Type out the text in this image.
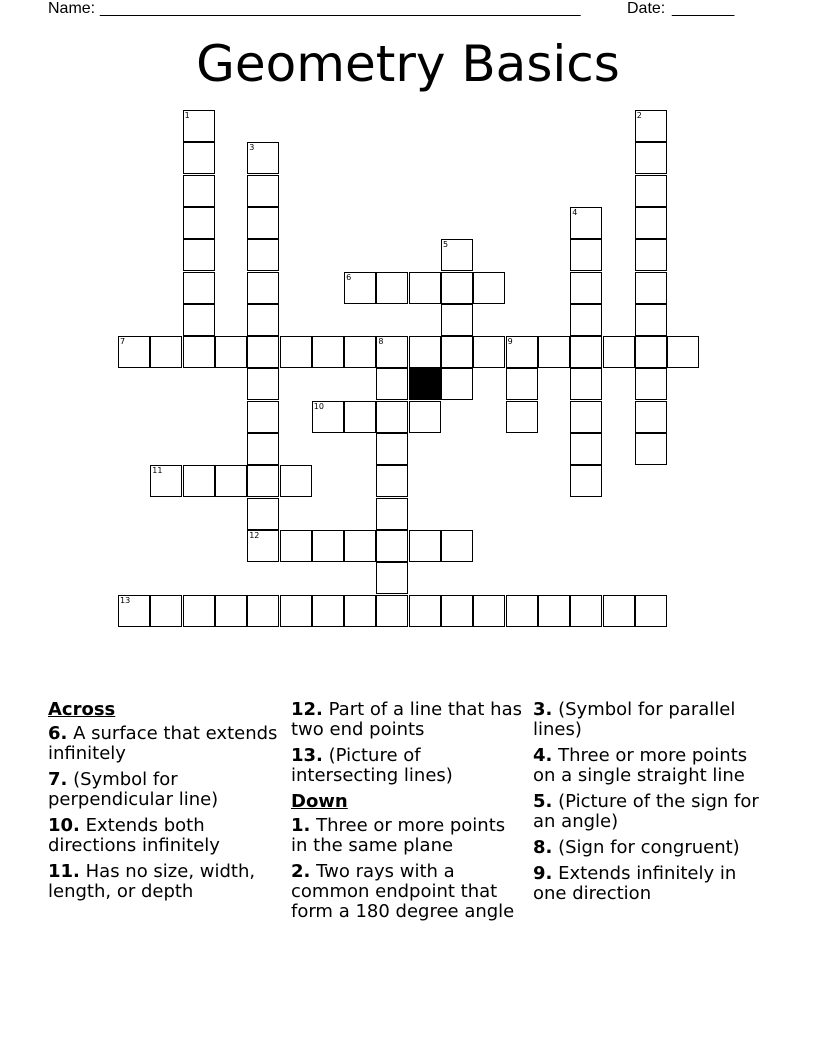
Name: ______________________________________________________	Date: _______
Geometry Basics
1	2
3
12
4
5
6
7	8	9
10
11
13
Across
6. A surface that extends infinitely
7. (Symbol for perpendicular line)
10. Extends both directions infinitely
11. Has no size, width, length, or depth
12. Part of a line that has two end points
13. (Picture of intersecting lines)
Down
1. Three or more points in the same plane
2. Two rays with a common endpoint that form a 180 degree angle
3. (Symbol for parallel lines)
4. Three or more points on a single straight line
5. (Picture of the sign for an angle)
8. (Sign for congruent)
9. Extends infinitely in one direction
